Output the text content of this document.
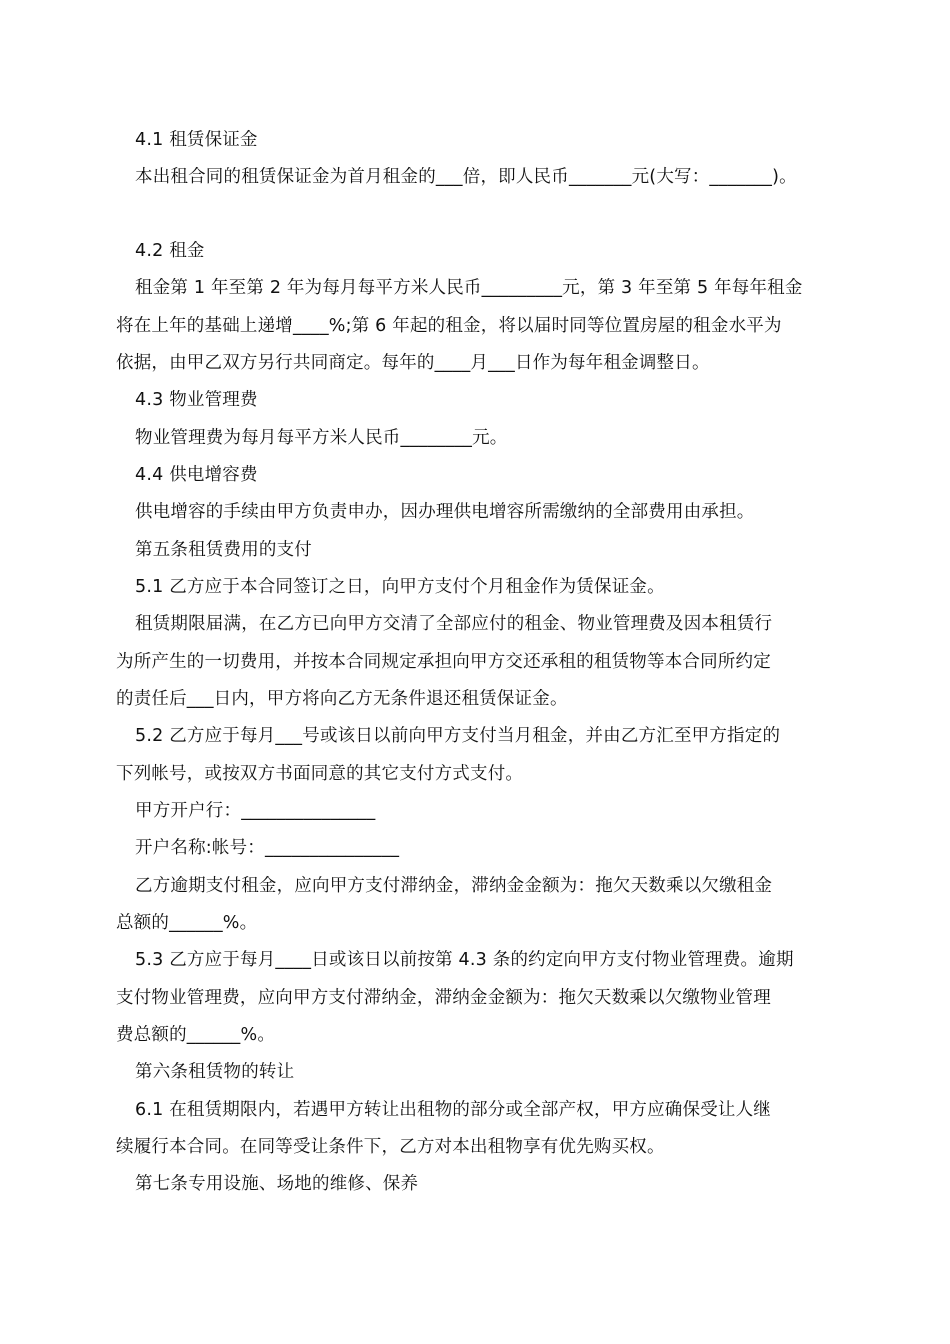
4.1 租赁保证金
本出租合同的租赁保证金为首月租金的___倍，即人民币_______元(大写：_______)。
4.2 租金
租金第 1 年至第 2 年为每月每平方米人民币_________元，第 3 年至第 5 年每年租金
将在上年的基础上递增____%;第 6 年起的租金，将以届时同等位置房屋的租金水平为
依据，由甲乙双方另行共同商定。每年的____月___日作为每年租金调整日。
4.3 物业管理费
物业管理费为每月每平方米人民币________元。
4.4 供电增容费
供电增容的手续由甲方负责申办，因办理供电增容所需缴纳的全部费用由承担。
第五条租赁费用的支付
5.1 乙方应于本合同签订之日，向甲方支付个月租金作为赁保证金。
租赁期限届满，在乙方已向甲方交清了全部应付的租金、物业管理费及因本租赁行
为所产生的一切费用，并按本合同规定承担向甲方交还承租的租赁物等本合同所约定
的责任后___日内，甲方将向乙方无条件退还租赁保证金。
5.2 乙方应于每月___号或该日以前向甲方支付当月租金，并由乙方汇至甲方指定的
下列帐号，或按双方书面同意的其它支付方式支付。
甲方开户行：_______________
开户名称:帐号：_______________
乙方逾期支付租金，应向甲方支付滞纳金，滞纳金金额为：拖欠天数乘以欠缴租金
总额的______%。
5.3 乙方应于每月____日或该日以前按第 4.3 条的约定向甲方支付物业管理费。逾期
支付物业管理费，应向甲方支付滞纳金，滞纳金金额为：拖欠天数乘以欠缴物业管理
费总额的______%。
第六条租赁物的转让
6.1 在租赁期限内，若遇甲方转让出租物的部分或全部产权，甲方应确保受让人继
续履行本合同。在同等受让条件下，乙方对本出租物享有优先购买权。
第七条专用设施、场地的维修、保养
